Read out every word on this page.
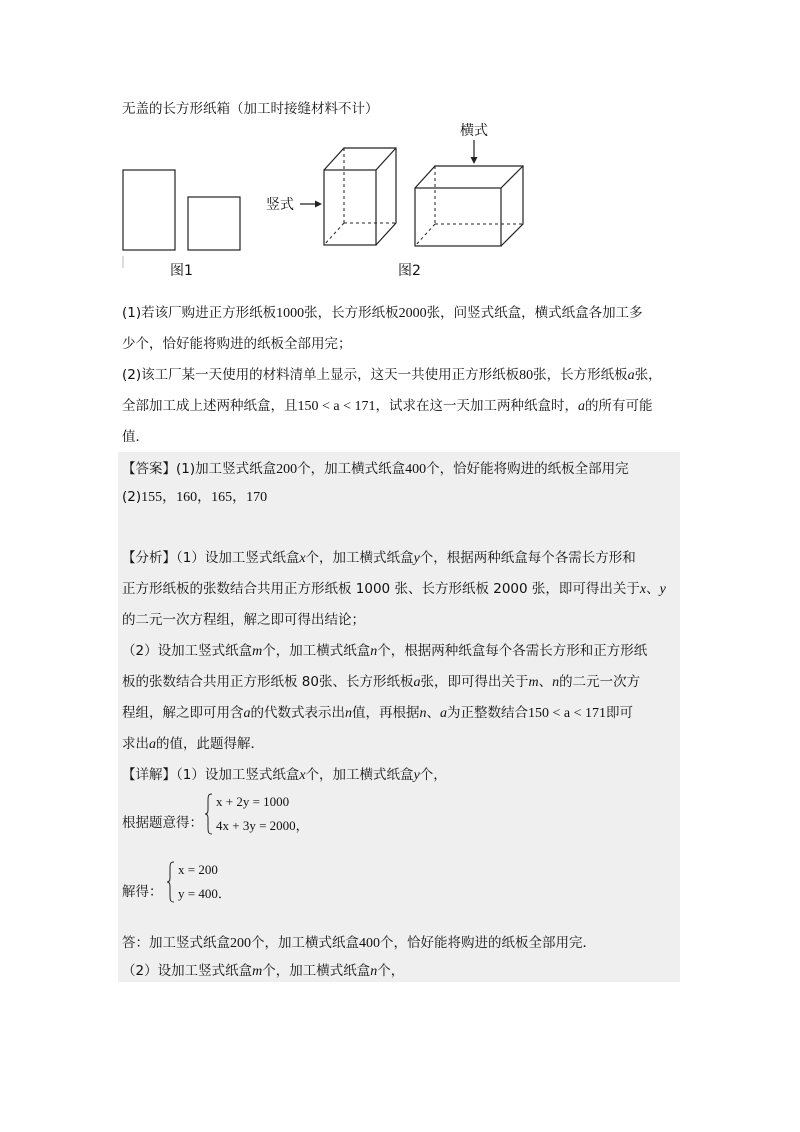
无盖的长方形纸箱（加工时接缝材料不计）
横式
竖式
图1	图2
(1)若该厂购进正方形纸板1000张，长方形纸板2000张，问竖式纸盒，横式纸盒各加工多
少个，恰好能将购进的纸板全部用完；
(2)该工厂某一天使用的材料清单上显示，这天一共使用正方形纸板80张，长方形纸板a张，
全部加工成上述两种纸盒，且150 < a < 171，试求在这一天加工两种纸盒时，a的所有可能
值．
【答案】(1)加工竖式纸盒200个，加工横式纸盒400个，恰好能将购进的纸板全部用完
(2)155，160，165，170
【分析】（1）设加工竖式纸盒x个，加工横式纸盒y个，根据两种纸盒每个各需长方形和
正方形纸板的张数结合共用正方形纸板 1000 张、长方形纸板 2000 张，即可得出关于x、y
的二元一次方程组，解之即可得出结论；
（2）设加工竖式纸盒m个，加工横式纸盒n个，根据两种纸盒每个各需长方形和正方形纸
板的张数结合共用正方形纸板 80张、长方形纸板a张，即可得出关于m、n的二元一次方
程组，解之即可用含a的代数式表示出n值，再根据n、a为正整数结合150 < a < 171即可
求出a的值，此题得解．
【详解】（1）设加工竖式纸盒x个，加工横式纸盒y个，
根据题意得：
x + 2y = 1000
4x + 3y = 2000，
解得：
x = 200
y = 400．
答：加工竖式纸盒200个，加工横式纸盒400个，恰好能将购进的纸板全部用完．
（2）设加工竖式纸盒m个，加工横式纸盒n个，
